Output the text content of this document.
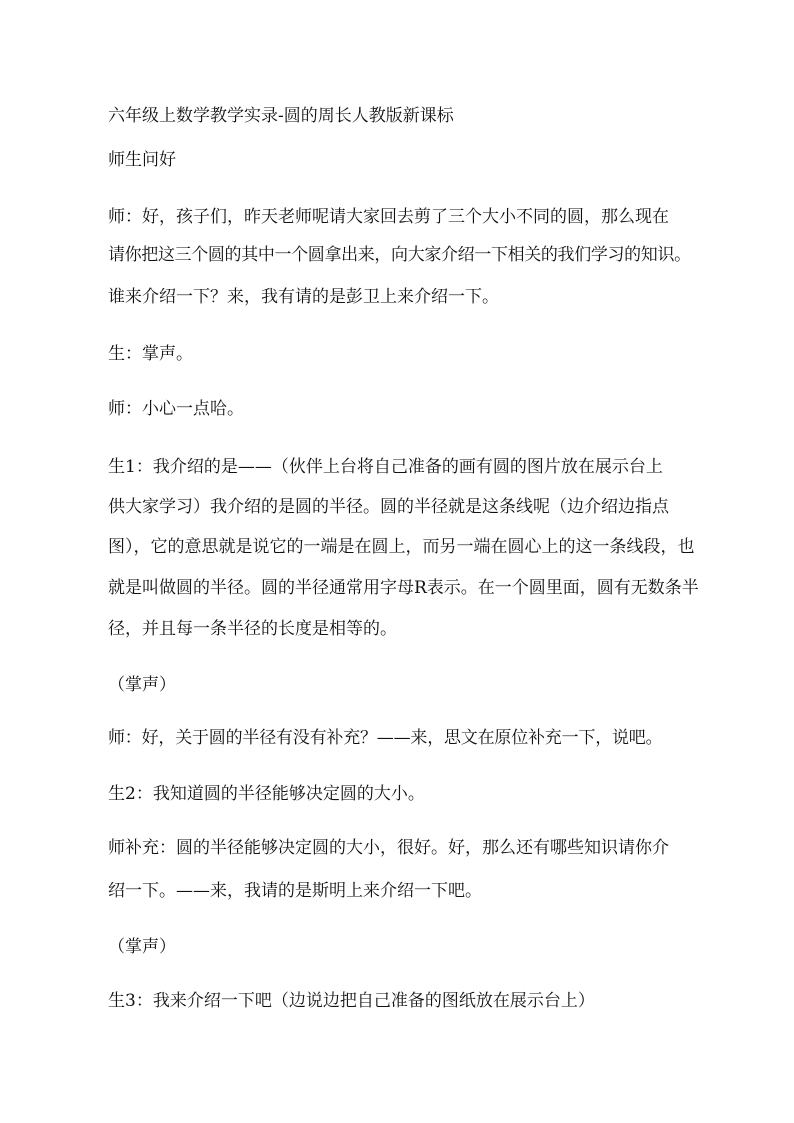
六年级上数学教学实录-圆的周长人教版新课标
师生问好
师：好，孩子们，昨天老师呢请大家回去剪了三个大小不同的圆，那么现在
请你把这三个圆的其中一个圆拿出来，向大家介绍一下相关的我们学习的知识。
谁来介绍一下？来，我有请的是彭卫上来介绍一下。
生：掌声。
师：小心一点哈。
生1：我介绍的是——（伙伴上台将自己准备的画有圆的图片放在展示台上
供大家学习）我介绍的是圆的半径。圆的半径就是这条线呢（边介绍边指点
图），它的意思就是说它的一端是在圆上，而另一端在圆心上的这一条线段，也
就是叫做圆的半径。圆的半径通常用字母R表示。在一个圆里面，圆有无数条半
径，并且每一条半径的长度是相等的。
（掌声）
师：好，关于圆的半径有没有补充？——来，思文在原位补充一下，说吧。
生2：我知道圆的半径能够决定圆的大小。
师补充：圆的半径能够决定圆的大小，很好。好，那么还有哪些知识请你介
绍一下。——来，我请的是斯明上来介绍一下吧。
（掌声）
生3：我来介绍一下吧（边说边把自己准备的图纸放在展示台上）
